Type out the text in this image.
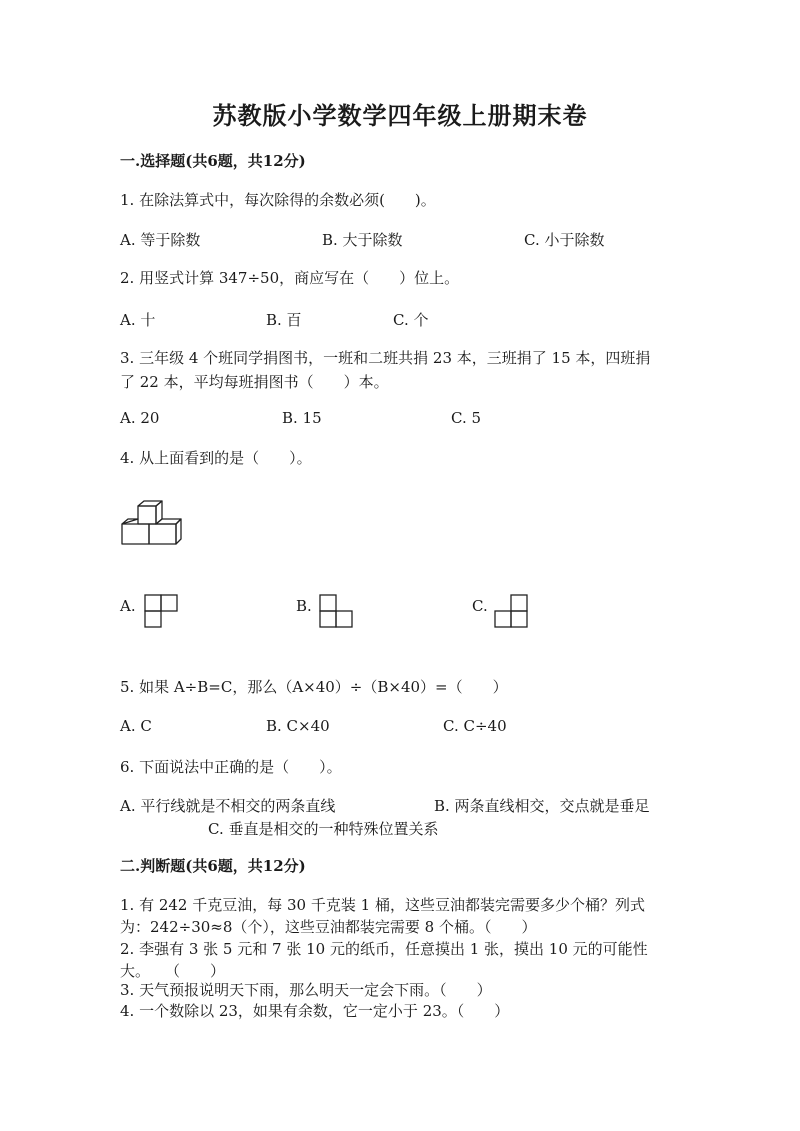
苏教版小学数学四年级上册期末卷
一.选择题(共6题，共12分)
1. 在除法算式中，每次除得的余数必须(　　)。
A. 等于除数	B. 大于除数	C. 小于除数
2. 用竖式计算 347÷50，商应写在（　　）位上。
A. 十	B. 百	C. 个
3. 三年级 4 个班同学捐图书，一班和二班共捐 23 本，三班捐了 15 本，四班捐
了 22 本，平均每班捐图书（　　）本。
A. 20	B. 15	C. 5
4. 从上面看到的是（　　）。
A.	B.	C.
5. 如果 A÷B=C，那么（A×40）÷（B×40）=（　　）
A. C	B. C×40	C. C÷40
6. 下面说法中正确的是（　　）。
A. 平行线就是不相交的两条直线	B. 两条直线相交，交点就是垂足
C. 垂直是相交的一种特殊位置关系
二.判断题(共6题，共12分)
1. 有 242 千克豆油，每 30 千克装 1 桶，这些豆油都装完需要多少个桶？列式
为：242÷30≈8（个），这些豆油都装完需要 8 个桶。（　　）
2. 李强有 3 张 5 元和 7 张 10 元的纸币，任意摸出 1 张，摸出 10 元的可能性
大。　　（　　）
3. 天气预报说明天下雨，那么明天一定会下雨。（　　）
4. 一个数除以 23，如果有余数，它一定小于 23。（　　）
